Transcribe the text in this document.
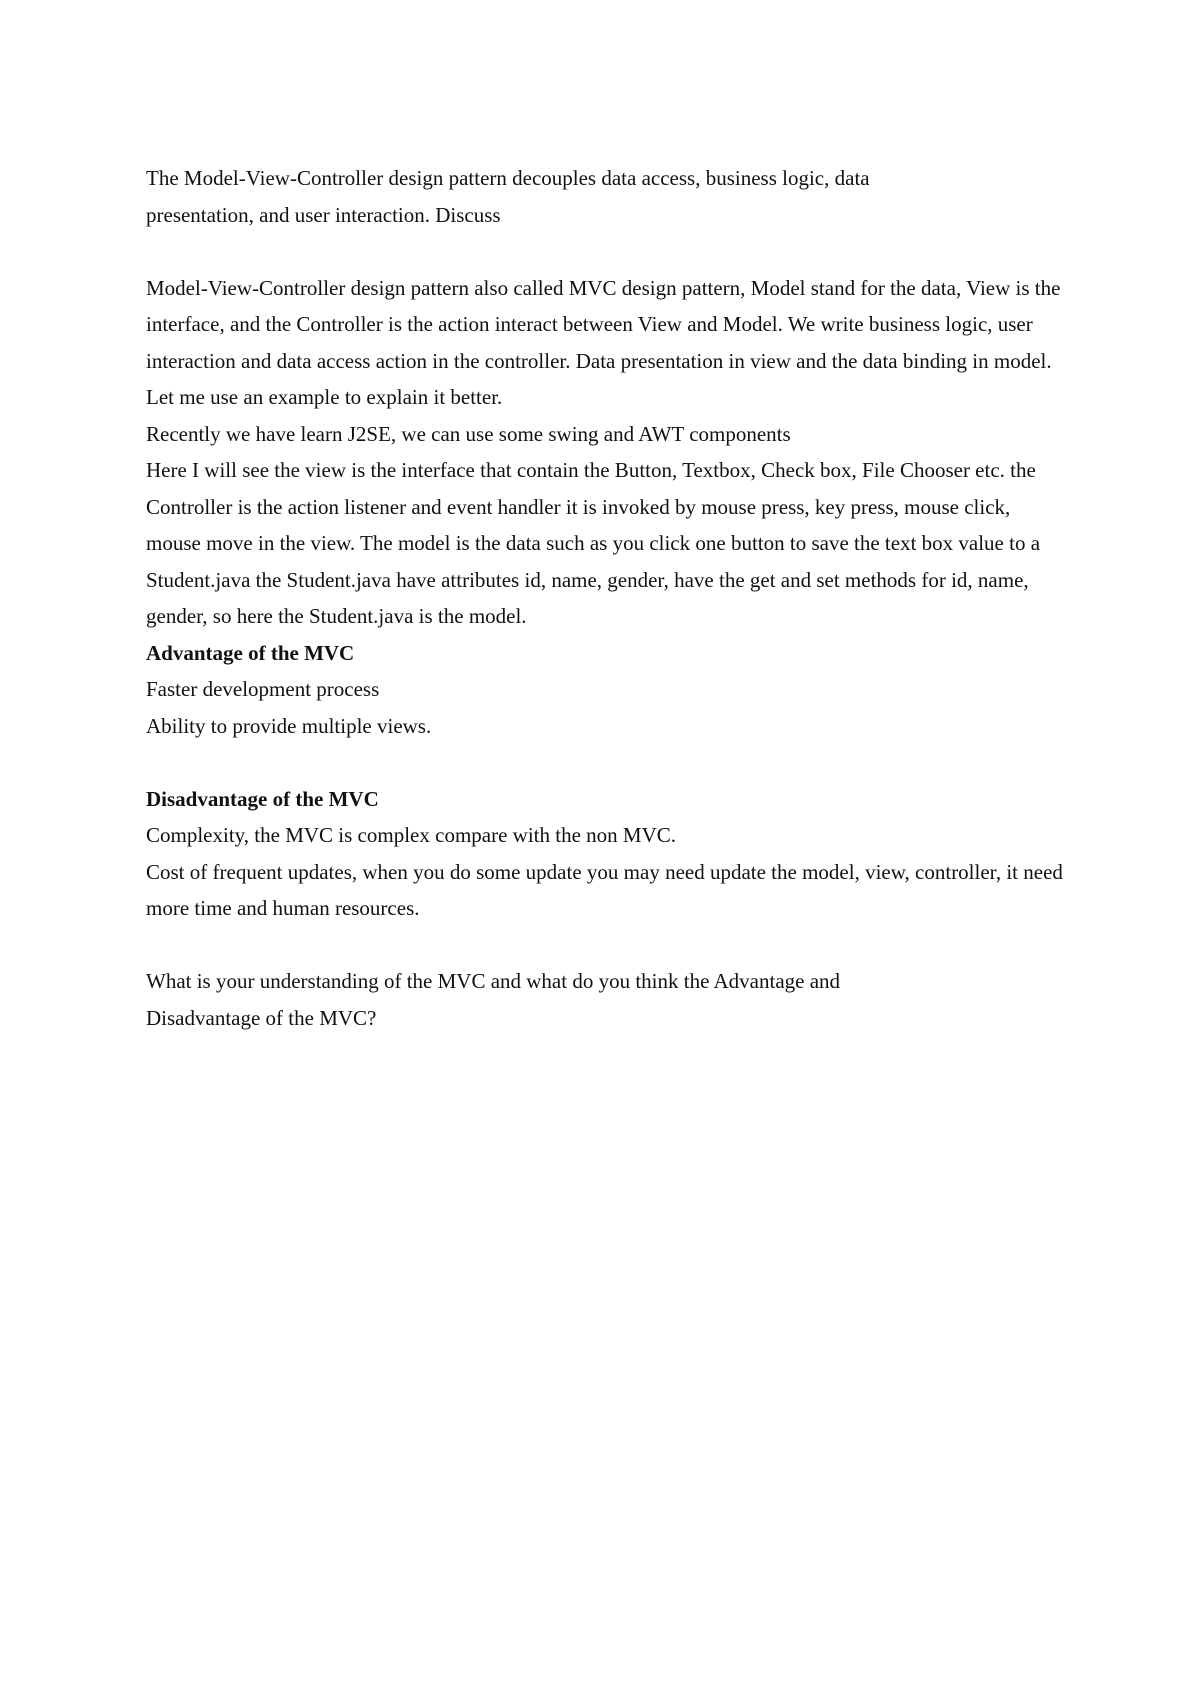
The Model-View-Controller design pattern decouples data access, business logic, data

presentation, and user interaction. Discuss

Model-View-Controller design pattern also called MVC design pattern, Model stand for the data, View is the interface, and the Controller is the action interact between View and Model. We write business logic, user interaction and data access action in the controller. Data presentation in view and the data binding in model.

Let me use an example to explain it better.

Recently we have learn J2SE, we can use some swing and AWT components

Here I will see the view is the interface that contain the Button, Textbox, Check box, File Chooser etc. the Controller is the action listener and event handler it is invoked by mouse press, key press, mouse click, mouse move in the view. The model is the data such as you click one button to save the text box value to a Student.java the Student.java have attributes id, name, gender, have the get and set methods for id, name, gender, so here the Student.java is the model.

Advantage of the MVC

Faster development process

Ability to provide multiple views.

Disadvantage of the MVC

Complexity, the MVC is complex compare with the non MVC.

Cost of frequent updates, when you do some update you may need update the model, view, controller, it need more time and human resources.

What is your understanding of the MVC and what do you think the Advantage and

Disadvantage of the MVC?
